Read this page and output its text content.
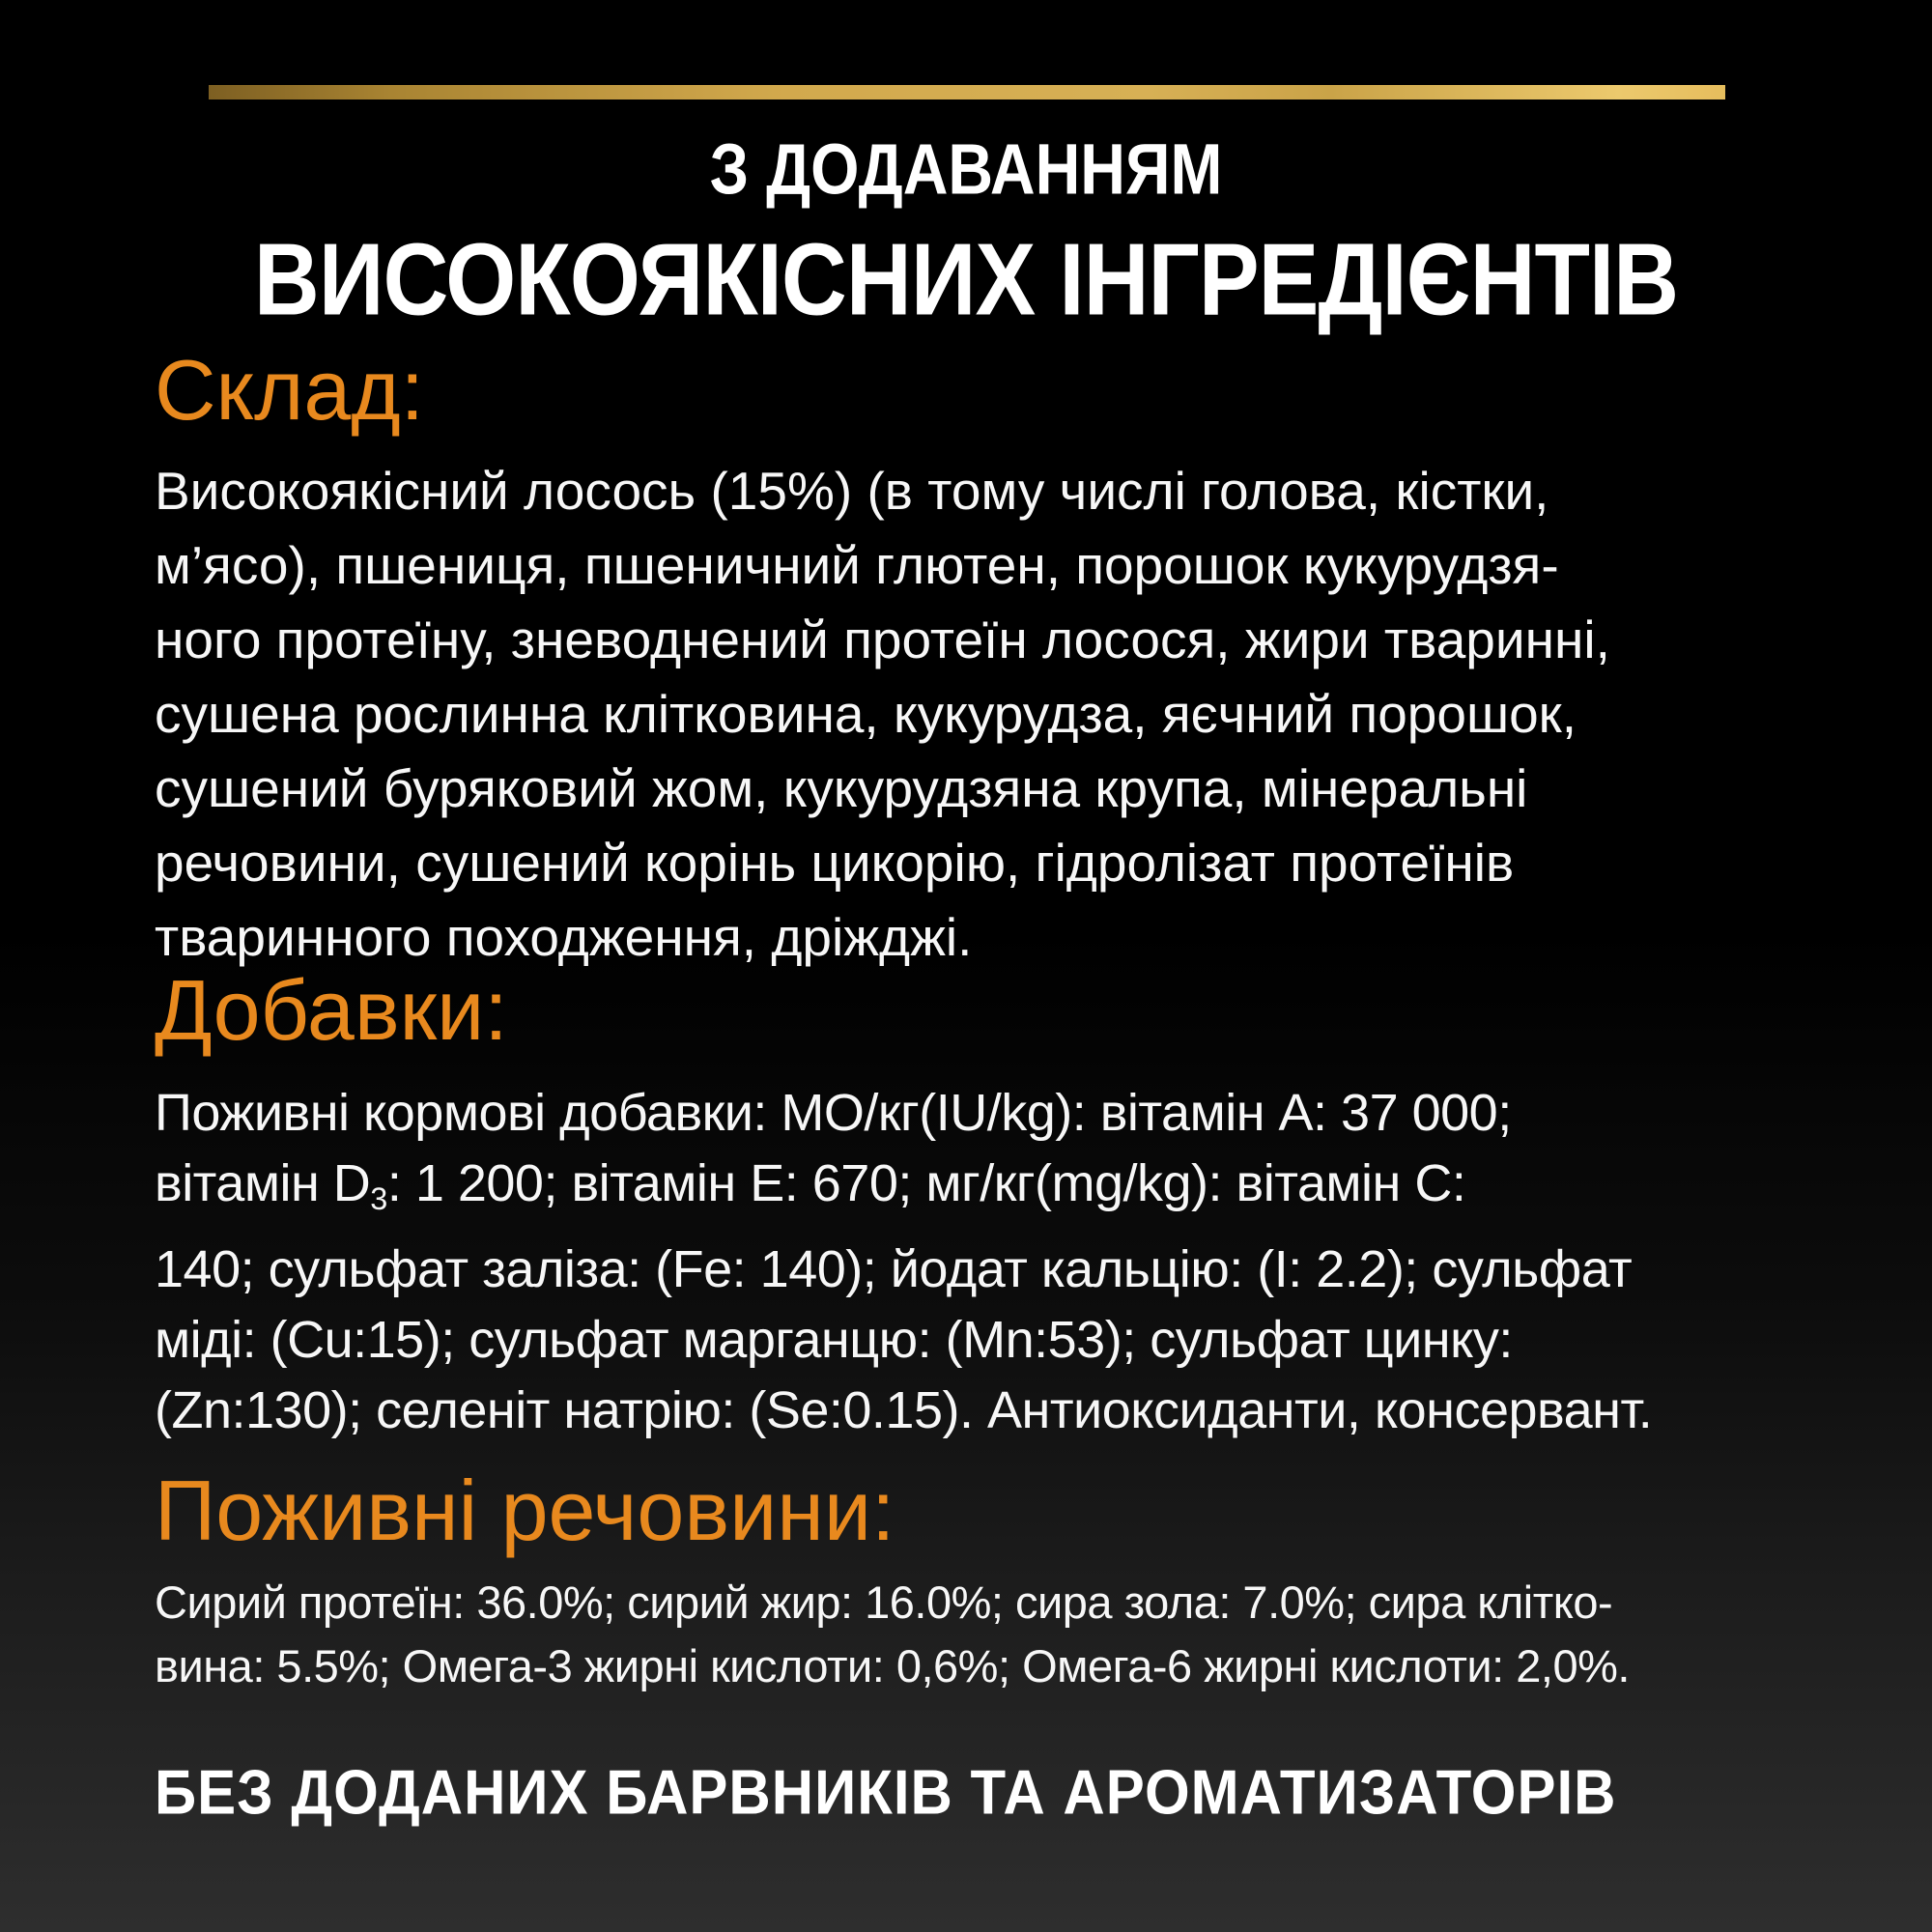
З ДОДАВАННЯМ
ВИСОКОЯКІСНИХ ІНГРЕДІЄНТІВ
Склад:
Високоякісний лосось (15%) (в тому числі голова, кістки,
м’ясо), пшениця, пшеничний глютен, порошок кукурудзя-
ного протеїну, зневоднений протеїн лосося, жири тваринні,
сушена рослинна клітковина, кукурудза, яєчний порошок,
сушений буряковий жом, кукурудзяна крупа, мінеральні
речовини, сушений корінь цикорію, гідролізат протеїнів
тваринного походження, дріжджі.
Добавки:
Поживні кормові добавки: МО/кг(IU/kg): вітамін А: 37 000;
вітамін D3: 1 200; вітамін Е: 670; мг/кг(mg/kg): вітамін С:
140; сульфат заліза: (Fe: 140); йодат кальцію: (I: 2.2); сульфат
міді: (Cu:15); сульфат марганцю: (Mn:53); сульфат цинку:
(Zn:130); селеніт натрію: (Se:0.15). Антиоксиданти, консервант.
Поживні речовини:
Сирий протеїн: 36.0%; сирий жир: 16.0%; сира зола: 7.0%; сира клітко-
вина: 5.5%; Омега-3 жирні кислоти: 0,6%; Омега-6 жирні кислоти: 2,0%.
БЕЗ ДОДАНИХ БАРВНИКІВ ТА АРОМАТИЗАТОРІВ
